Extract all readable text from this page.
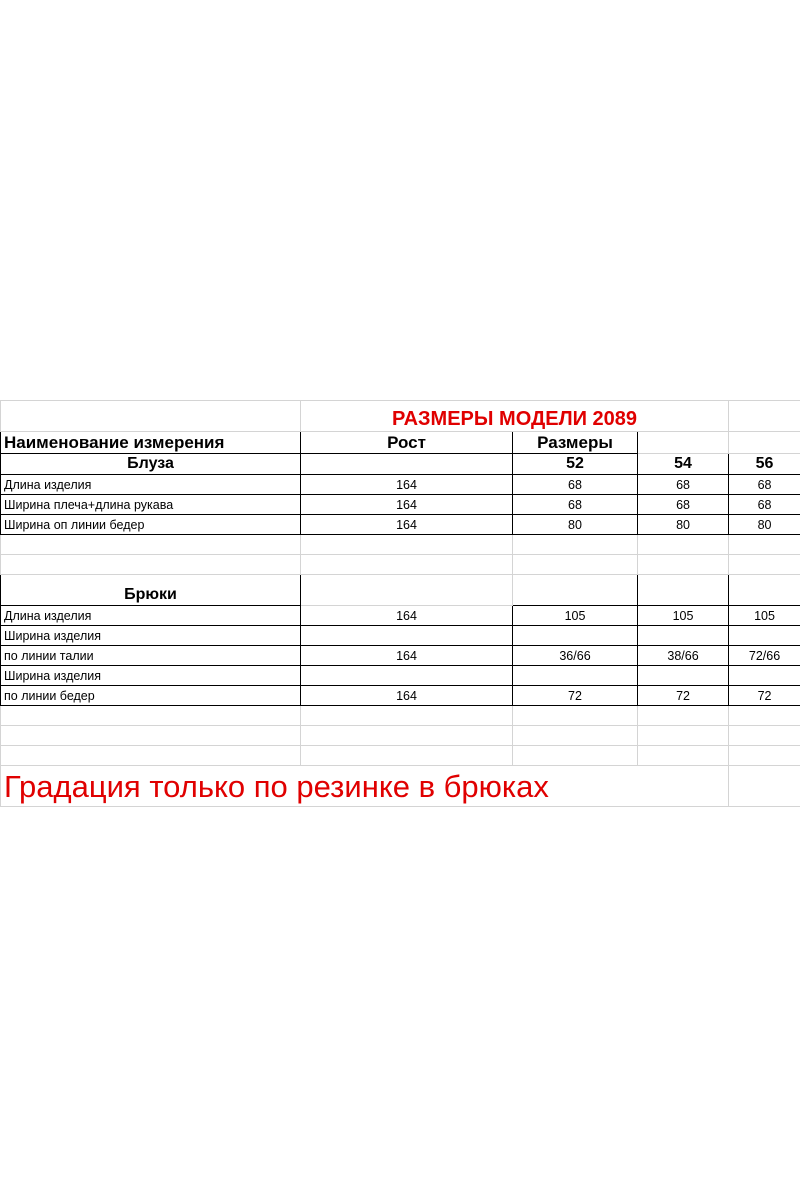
	РАЗМЕРЫ МОДЕЛИ 2089			
Наименование измерения	Рост	Размеры		
Блуза		52	54	56
Длина изделия	164	68	68	68
Ширина плеча+длина рукава	164	68	68	68
Ширина оп линии бедер	164	80	80	80

Брюки				
Длина изделия	164	105	105	105
Ширина изделия				
по линии талии	164	36/66	38/66	72/66
Ширина изделия				
по линии бедер	164	72	72	72

Градация только по резинке в брюках				
